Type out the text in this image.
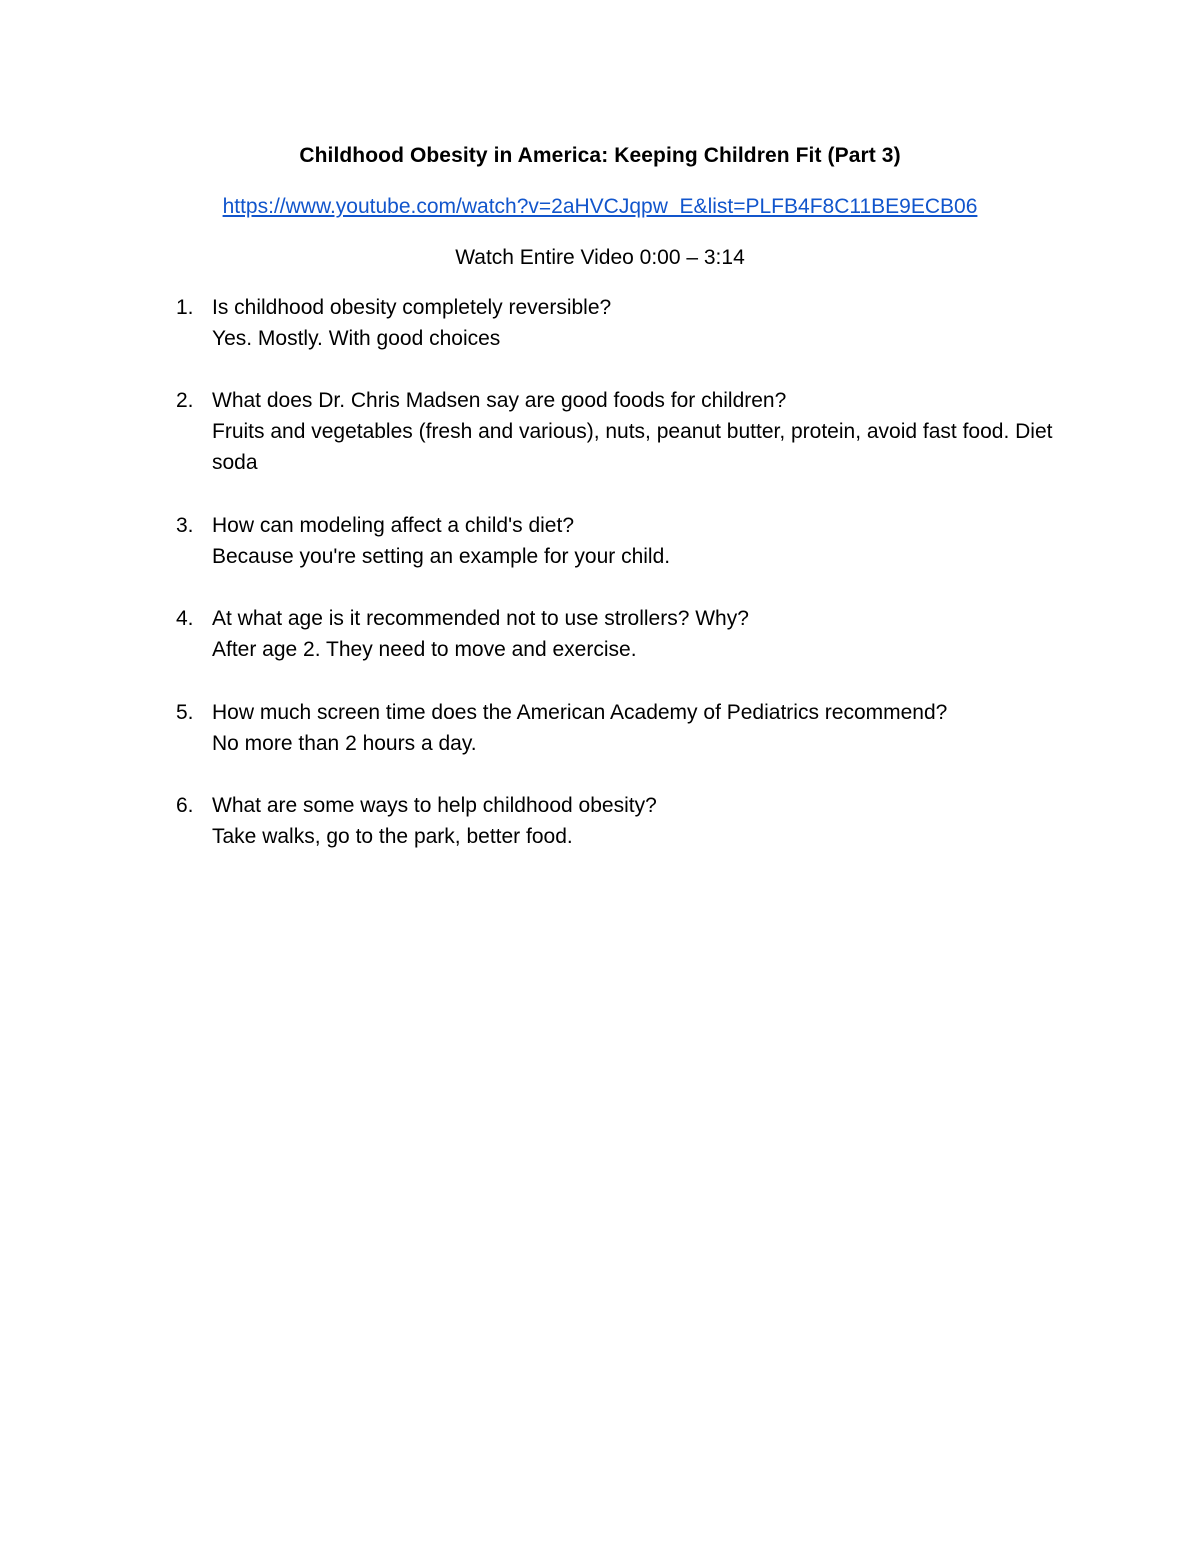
Childhood Obesity in America: Keeping Children Fit (Part 3)
https://www.youtube.com/watch?v=2aHVCJqpw_E&list=PLFB4F8C11BE9ECB06
Watch Entire Video 0:00 – 3:14
1. Is childhood obesity completely reversible?
Yes. Mostly. With good choices
2. What does Dr. Chris Madsen say are good foods for children?
Fruits and vegetables (fresh and various), nuts, peanut butter, protein, avoid fast food. Diet soda
3. How can modeling affect a child's diet?
Because you're setting an example for your child.
4. At what age is it recommended not to use strollers? Why?
After age 2. They need to move and exercise.
5. How much screen time does the American Academy of Pediatrics recommend?
No more than 2 hours a day.
6. What are some ways to help childhood obesity?
Take walks, go to the park, better food.
